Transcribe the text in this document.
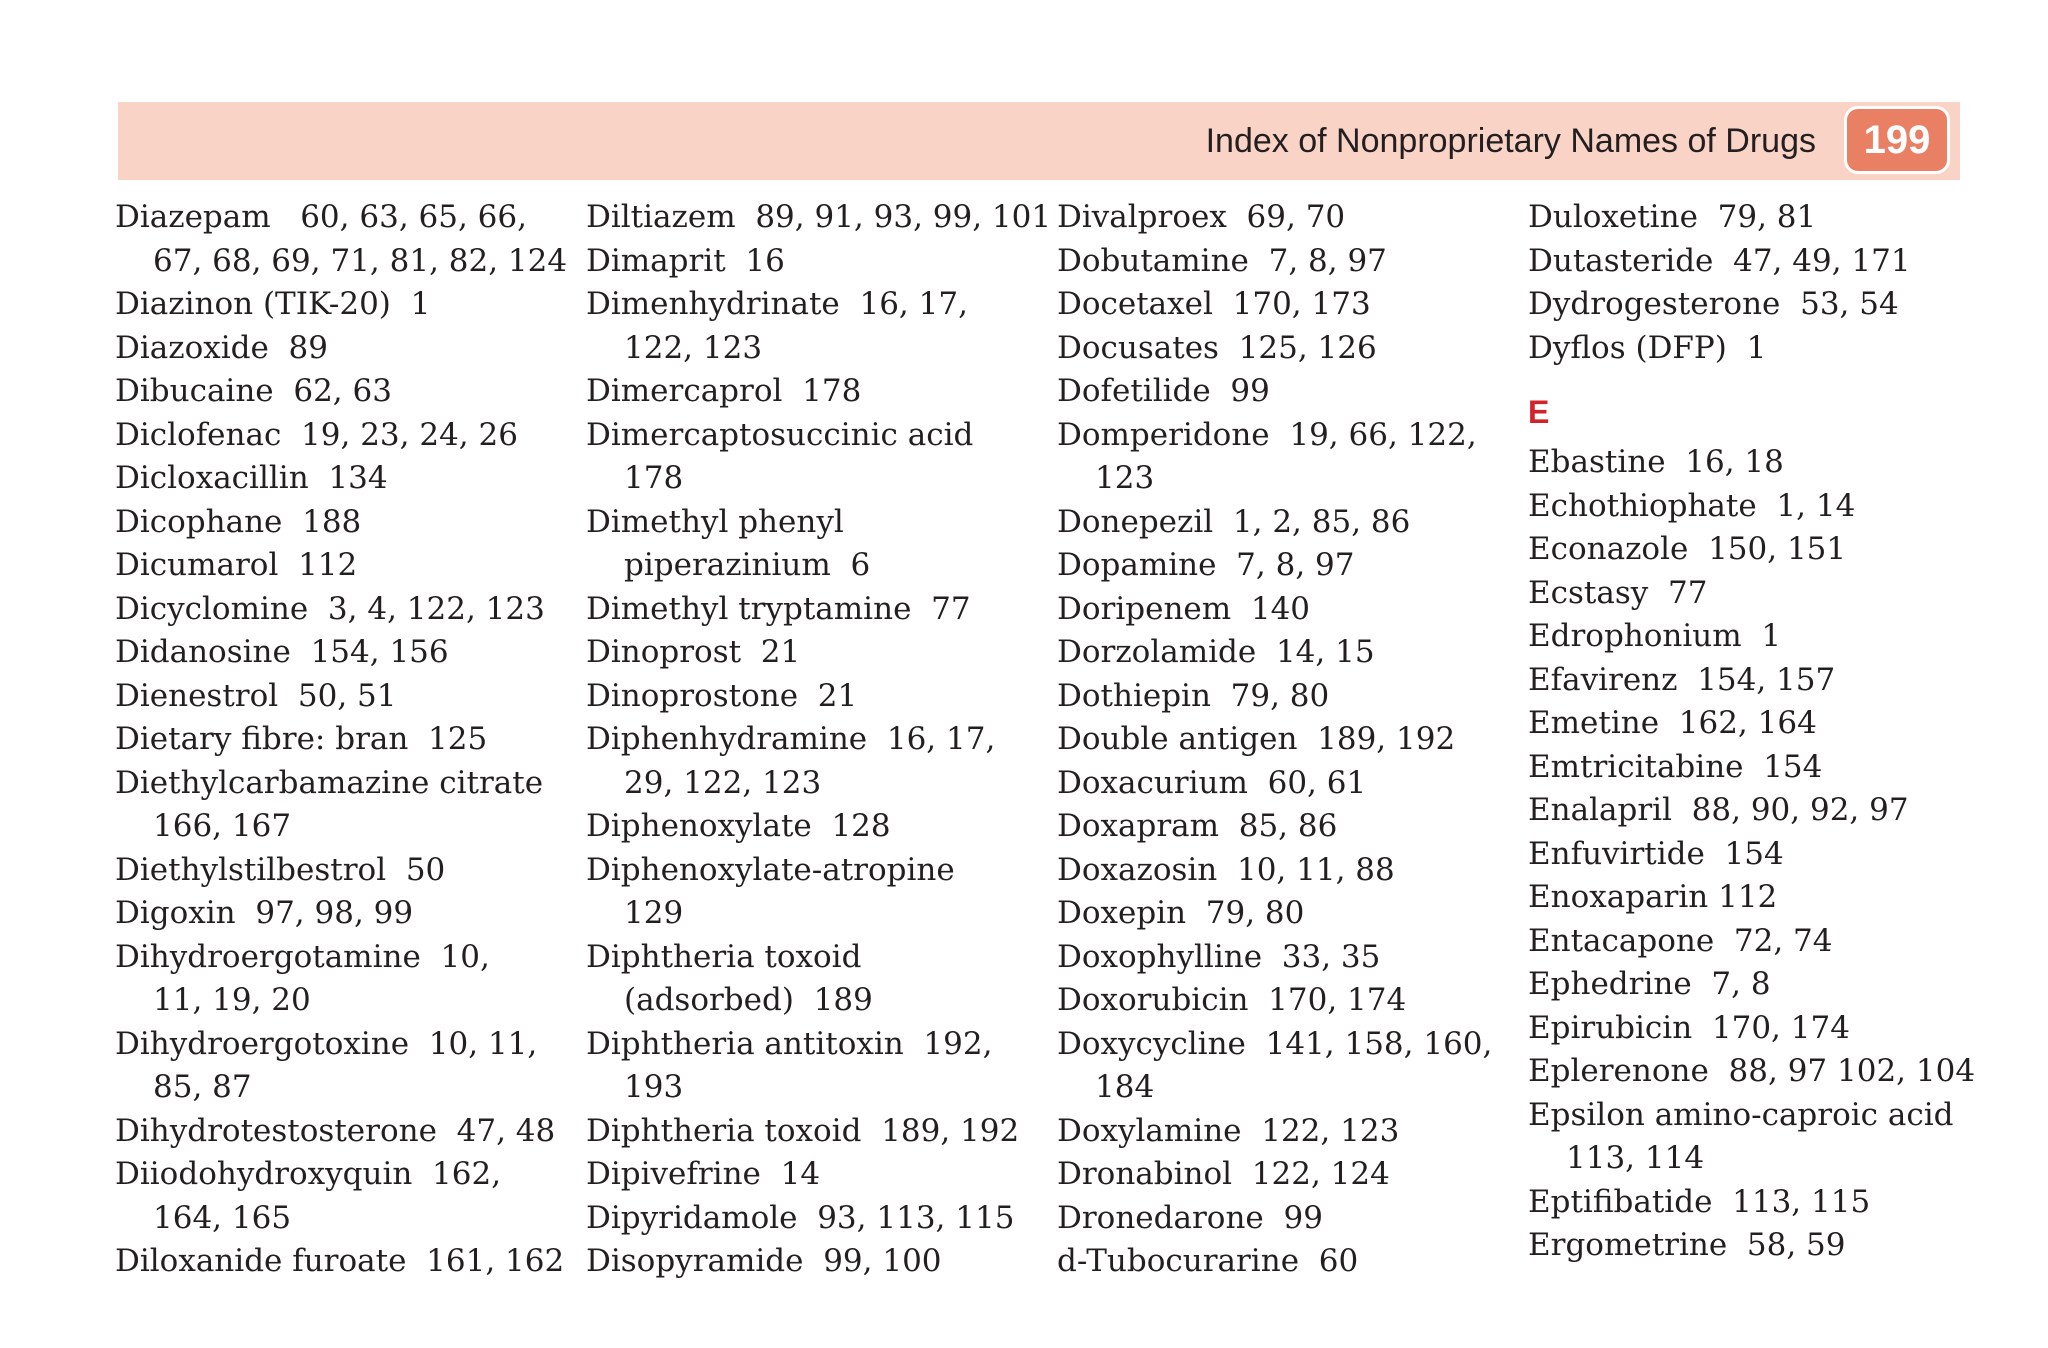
Index of Nonproprietary Names of Drugs	199
Diazepam   60, 63, 65, 66,
67, 68, 69, 71, 81, 82, 124
Diazinon (TIK-20)  1
Diazoxide  89
Dibucaine  62, 63
Diclofenac  19, 23, 24, 26
Dicloxacillin  134
Dicophane  188
Dicumarol  112
Dicyclomine  3, 4, 122, 123
Didanosine  154, 156
Dienestrol  50, 51
Dietary fibre: bran  125
Diethylcarbamazine citrate
166, 167
Diethylstilbestrol  50
Digoxin  97, 98, 99
Dihydroergotamine  10,
11, 19, 20
Dihydroergotoxine  10, 11,
85, 87
Dihydrotestosterone  47, 48
Diiodohydroxyquin  162,
164, 165
Diloxanide furoate  161, 162
Diltiazem  89, 91, 93, 99, 101
Dimaprit  16
Dimenhydrinate  16, 17,
122, 123
Dimercaprol  178
Dimercaptosuccinic acid
178
Dimethyl phenyl
piperazinium  6
Dimethyl tryptamine  77
Dinoprost  21
Dinoprostone  21
Diphenhydramine  16, 17,
29, 122, 123
Diphenoxylate  128
Diphenoxylate-atropine
129
Diphtheria toxoid
(adsorbed)  189
Diphtheria antitoxin  192,
193
Diphtheria toxoid  189, 192
Dipivefrine  14
Dipyridamole  93, 113, 115
Disopyramide  99, 100
Divalproex  69, 70
Dobutamine  7, 8, 97
Docetaxel  170, 173
Docusates  125, 126
Dofetilide  99
Domperidone  19, 66, 122,
123
Donepezil  1, 2, 85, 86
Dopamine  7, 8, 97
Doripenem  140
Dorzolamide  14, 15
Dothiepin  79, 80
Double antigen  189, 192
Doxacurium  60, 61
Doxapram  85, 86
Doxazosin  10, 11, 88
Doxepin  79, 80
Doxophylline  33, 35
Doxorubicin  170, 174
Doxycycline  141, 158, 160,
184
Doxylamine  122, 123
Dronabinol  122, 124
Dronedarone  99
d-Tubocurarine  60
Duloxetine  79, 81
Dutasteride  47, 49, 171
Dydrogesterone  53, 54
Dyflos (DFP)  1
E
Ebastine  16, 18
Echothiophate  1, 14
Econazole  150, 151
Ecstasy  77
Edrophonium  1
Efavirenz  154, 157
Emetine  162, 164
Emtricitabine  154
Enalapril  88, 90, 92, 97
Enfuvirtide  154
Enoxaparin 112
Entacapone  72, 74
Ephedrine  7, 8
Epirubicin  170, 174
Eplerenone  88, 97 102, 104
Epsilon amino-caproic acid
113, 114
Eptifibatide  113, 115
Ergometrine  58, 59
